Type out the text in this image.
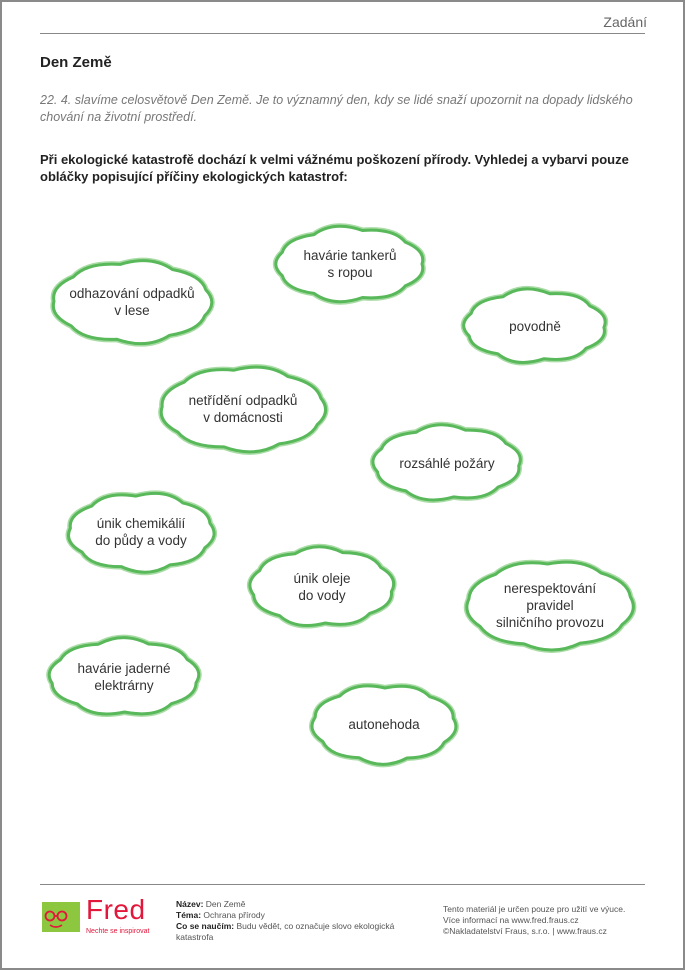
Zadání
Den Země
22. 4. slavíme celosvětově Den Země. Je to významný den, kdy se lidé snaží upozornit na dopady lidského chování na životní prostředí.
Při ekologické katastrofě dochází k velmi vážnému poškození přírody. Vyhledej a vybarvi pouze obláčky popisující příčiny ekologických katastrof:
havárie tankerů
s ropou
odhazování odpadků
v lese
povodně
netřídění odpadků
v domácnosti
rozsáhlé požáry
únik chemikálií
do půdy a vody
únik oleje
do vody	nerespektování
pravidel
silničního provozu
havárie jaderné
elektrárny
autonehoda
Fred
Nechte se inspirovat
Název: Den Země
Téma: Ochrana přírody
Co se naučím: Budu vědět, co označuje slovo ekologická katastrofa
Tento materiál je určen pouze pro užití ve výuce.
Více informací na www.fred.fraus.cz
©Nakladatelství Fraus, s.r.o. | www.fraus.cz
